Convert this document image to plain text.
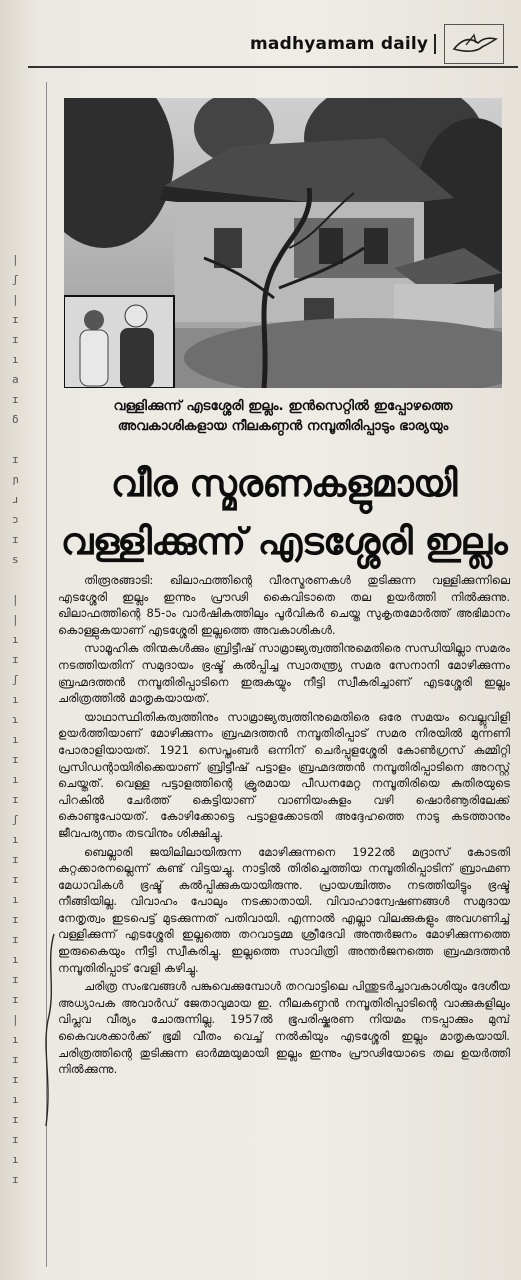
madhyamam daily
|
ʃ
|
ɪ
ɪ
ı
a
ɪ
δ

ɪ
ɲ
ɹ
ɔ
ɪ
s

|
|
ı
ɪ
ʃ
ı
ɿ
ı
ɪ
ı
ɪ
ʃ
ı
ɪ
ɪ
ı
ɪ
ɪ
ı
ɪ
ɪ
|
ı
ɪ
ɪ
ı
ɪ
ɪ
ı
ɪ
വള്ളിക്കുന്ന് എടശ്ശേരി ഇല്ലം. ഇൻസെറ്റിൽ ഇപ്പോഴത്തെ
അവകാശികളായ നീലകണ്ഠൻ നമ്പൂതിരിപ്പാടും ഭാര്യയും
വീര സ്മരണകളുമായി
വള്ളിക്കുന്ന് എടശ്ശേരി ഇല്ലം

തിരൂരങ്ങാടി: ഖിലാഫത്തിന്റെ വീരസ്മരണകൾ തുടിക്കുന്ന വള്ളിക്കുന്നിലെ എടശ്ശേരി ഇല്ലം ഇന്നും പ്രൗഢി കൈവിടാതെ തല ഉയർത്തി നിൽക്കുന്നു. ഖിലാഫത്തിന്റെ 85-ാം വാർഷികത്തിലും പൂർവികർ ചെയ്ത സുകൃതമോർത്ത് അഭിമാനം കൊള്ളുകയാണ് എടശ്ശേരി ഇല്ലത്തെ അവകാശികൾ.

സാമൂഹിക തിന്മകൾക്കും ബ്രിട്ടീഷ് സാമ്രാജ്യത്വത്തിനുമെതിരെ സന്ധിയില്ലാ സമരം നടത്തിയതിന് സമുദായം ഭ്രഷ്ട് കൽപ്പിച്ച സ്വാതന്ത്ര്യ സമര സേനാനി മോഴിക്കുന്നം ബ്രഹ്മദത്തൻ നമ്പൂതിരിപ്പാടിനെ ഇരുകയ്യും നീട്ടി സ്വീകരിച്ചാണ് എടശ്ശേരി ഇല്ലം ചരിത്രത്തിൽ മാതൃകയായത്.

യാഥാസ്ഥിതികത്വത്തിനും സാമ്രാജ്യത്വത്തിനുമെതിരെ ഒരേ സമയം വെല്ലുവിളി ഉയർത്തിയാണ് മോഴിക്കുന്നം ബ്രഹ്മദത്തൻ നമ്പൂതിരിപ്പാട് സമര നിരയിൽ മുന്നണി പോരാളിയായത്. 1921 സെപ്തംബർ ഒന്നിന് ചെർപ്പുളശ്ശേരി കോൺഗ്രസ് കമ്മിറ്റി പ്രസിഡന്റായിരിക്കെയാണ് ബ്രിട്ടീഷ് പട്ടാളം ബ്രഹ്മദത്തൻ നമ്പൂതിരിപ്പാടിനെ അറസ്റ്റ് ചെയ്തത്. വെള്ള പട്ടാളത്തിന്റെ ക്രൂരമായ പീഡനമേറ്റ നമ്പൂതിരിയെ കുതിരയുടെ പിറകിൽ ചേർത്ത് കെട്ടിയാണ് വാണിയംകുളം വഴി ഷൊർണൂരിലേക്ക് കൊണ്ടുപോയത്. കോഴിക്കോട്ടെ പട്ടാളക്കോടതി അദ്ദേഹത്തെ നാടു കടത്താനും ജീവപര്യന്തം തടവിനും ശിക്ഷിച്ചു.

ബെല്ലാരി ജയിലിലായിരുന്ന മോഴിക്കുന്നനെ 1922ൽ മദ്രാസ് കോടതി കുറ്റക്കാരനല്ലെന്ന് കണ്ട് വിട്ടയച്ചു. നാട്ടിൽ തിരിച്ചെത്തിയ നമ്പൂതിരിപ്പാടിന് ബ്രാഹ്മണ മേധാവികൾ ഭ്രഷ്ട് കൽപ്പിക്കുകയായിരുന്നു. പ്രായശ്ചിത്തം നടത്തിയിട്ടും ഭ്രഷ്ട് നീങ്ങിയില്ല. വിവാഹം പോലും നടക്കാതായി. വിവാഹാന്വേഷണങ്ങൾ സമുദായ നേതൃത്വം ഇടപെട്ട് മുടക്കുന്നത് പതിവായി. എന്നാൽ എല്ലാ വിലക്കുകളും അവഗണിച്ച് വള്ളിക്കുന്ന് എടശ്ശേരി ഇല്ലത്തെ തറവാട്ടമ്മ ശ്രീദേവി അന്തർജനം മോഴിക്കുന്നത്തെ ഇരുകൈയും നീട്ടി സ്വീകരിച്ചു. ഇല്ലത്തെ സാവിത്രി അന്തർജനത്തെ ബ്രഹ്മദത്തൻ നമ്പൂതിരിപ്പാട് വേളി കഴിച്ചു.

ചരിത്ര സംഭവങ്ങൾ പങ്കുവെക്കുമ്പോൾ തറവാട്ടിലെ പിന്തുടർച്ചാവകാശിയും ദേശീയ അധ്യാപക അവാർഡ് ജേതാവുമായ ഇ. നീലകണ്ഠൻ നമ്പൂതിരിപ്പാടിന്റെ വാക്കുകളിലും വിപ്ലവ വീര്യം ചോരുന്നില്ല. 1957ൽ ഭൂപരിഷ്കരണ നിയമം നടപ്പാക്കും മുമ്പ് കൈവശക്കാർക്ക് ഭൂമി വീതം വെച്ച് നൽകിയും എടശ്ശേരി ഇല്ലം മാതൃകയായി. ചരിത്രത്തിന്റെ തുടിക്കുന്ന ഓർമ്മയുമായി ഇല്ലം ഇന്നും പ്രൗഢിയോടെ തല ഉയർത്തി നിൽക്കുന്നു.
